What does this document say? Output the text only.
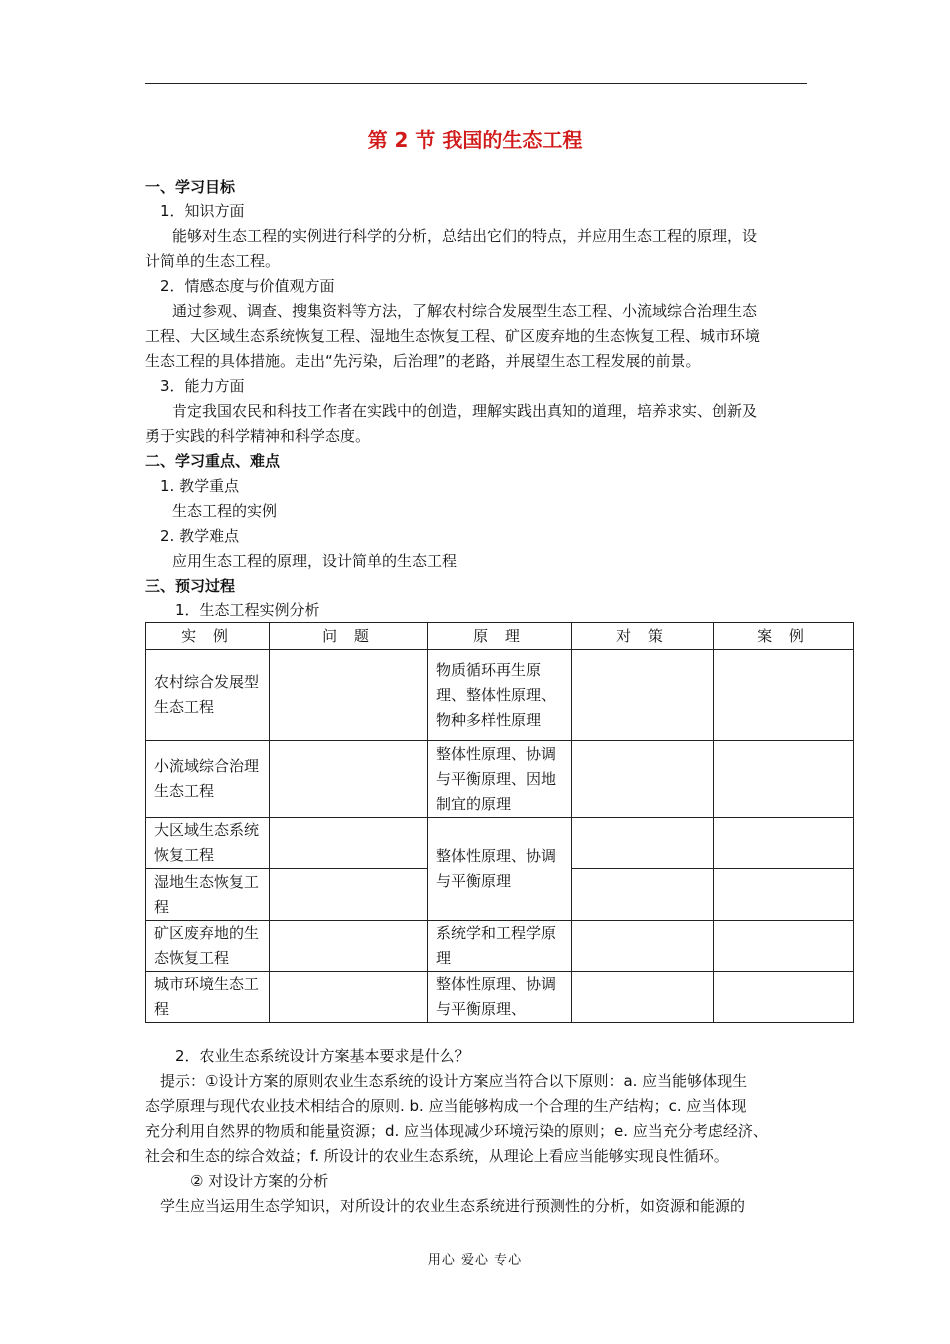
第 2 节 我国的生态工程
一、学习目标
1．知识方面
能够对生态工程的实例进行科学的分析，总结出它们的特点，并应用生态工程的原理，设
计简单的生态工程。
2．情感态度与价值观方面
通过参观、调查、搜集资料等方法，了解农村综合发展型生态工程、小流域综合治理生态
工程、大区域生态系统恢复工程、湿地生态恢复工程、矿区废弃地的生态恢复工程、城市环境
生态工程的具体措施。走出“先污染，后治理”的老路，并展望生态工程发展的前景。
3．能力方面
肯定我国农民和科技工作者在实践中的创造，理解实践出真知的道理，培养求实、创新及
勇于实践的科学精神和科学态度。
二、学习重点、难点
1. 教学重点
生态工程的实例
2. 教学难点
应用生态工程的原理，设计简单的生态工程
三、预习过程
1．生态工程实例分析
实 例	问 题	原 理	对 策	案 例
农村综合发展型生态工程		物质循环再生原理、整体性原理、物种多样性原理		
小流域综合治理生态工程		整体性原理、协调与平衡原理、因地制宜的原理		
大区域生态系统恢复工程		整体性原理、协调与平衡原理		
湿地生态恢复工程				
矿区废弃地的生态恢复工程		系统学和工程学原理		
城市环境生态工程		整体性原理、协调与平衡原理、		
2．农业生态系统设计方案基本要求是什么？
提示：①设计方案的原则农业生态系统的设计方案应当符合以下原则：a. 应当能够体现生
态学原理与现代农业技术相结合的原则. b. 应当能够构成一个合理的生产结构；c. 应当体现
充分利用自然界的物质和能量资源；d. 应当体现减少环境污染的原则；e. 应当充分考虑经济、
社会和生态的综合效益；f. 所设计的农业生态系统，从理论上看应当能够实现良性循环。
② 对设计方案的分析
学生应当运用生态学知识，对所设计的农业生态系统进行预测性的分析，如资源和能源的
用心 爱心 专心
